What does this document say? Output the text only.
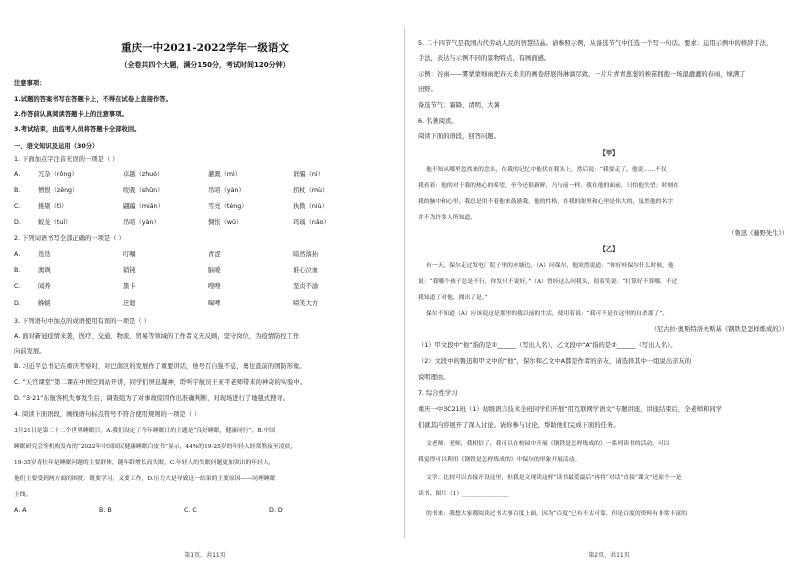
重庆一中2021-2022学年一级语文
（全卷共四个大题，满分150分，考试时间120分钟）
注意事项：
1.试题的答案书写在答题卡上，不得在试卷上直接作答。
2.作答前认真阅读答题卡上的注意事项。
3.考试结束，由监考人员将答题卡全部收回。
一、语文知识及运用（30分）
1. 下面加点字注音无误的一项是（ ）
A.	冗杂（rǒng）	卓越（zhuó）	灌溉（mì）	诓骗（nì）
B.	憎恨（zēng）	吮吸（shǔn）	吊唁（yàn）	拐杖（mù）
C.	挑剔（tì）	翩蹁（mián）	雪亮（téng）	执拗（niù）
D.	蛟龙（tuí）	吊唁（yàn）	惆怅（wǔ）	玛瑙（nǎo）
2. 下列词语书写全部正确的一项是（ ）
A.	迭迭	叮嘱	青涩	暗然落拓
B.	澳飒	销钝	脑暖	谁心泣血
C.	闻养	黑卡	嗖嗖	坚贞不渝
D.	蜂螃	迂迴	嗥啤	啼笑大方
3. 下列语句中加点的成语使用有误的一项是（ ）
A. 面对新冠疫情来袭，医疗、交通、物流、贸易等领域的工作者义无反顾，坚守岗位，为疫情防控工作
向前发展。
B. 习近平总书记在重庆考察时，对巴南区的发展作了重要讲话，他号召自强不息，勇往直前的国防形象。
C. “天宫课堂”第二课在中国空间站开讲，同学们屏息凝神，聆听宇航员王亚平老师带来的神奇的实验中。
D. “3·21”东航客机失事发生后，调查组为了对事故原因作出准确判断，对现场进行了地毯式搜寻。
4. 阅读下面语段，画线语句标点符号不符合使用规则的一项是（ ）
3月21日是第二十二个世界睡眠日，A.我们设定了今年睡眠日的主题是“良好睡眠，健康同行”。B.中国
睡眠研究会等机构发布的“2022年中国国民健康睡眠白皮书”显示，44%的19-25岁的年轻人经常熬夜至凌晨，
19-35岁青壮年是睡眠问题的主要群体，随年龄增长而失眠，C.年轻人的失眠问题更加突出的年轻人，
他们主要受到两方面的困扰：既要学习，又要工作，D.压力大是导致这一结果的主要原因——同理睡眠
主线。
A. A	B. B	C. C	D. D
第1页，共11页
5. 二十四节气是我国古代劳动人民的智慧结晶。请参照示例，从备选节气中任选一个写一句话。要求：运用示例中的修辞手法，
手法，表达与示例不同的景物特点，有画面感。
示例：谷雨——雾蒙蒙细雨把春天柔美的画卷舒展得淋漓尽致，一片片青青葱葱的秧苗拥抱一场湿漉漉的春雨，绿满了
田野。
备选节气：霜降、清明、大暑
6. 名著阅读。
阅读下面的语段，回答问题。
【甲】
他不知从哪里忽然来的念头，在我的记忆中他伏在我头上，然后说：“我要走了。他说……不仅
我看着：他的对于我的热心的希望，至今还很新鲜，乃与前一样。我在他的面前，只怕他失望；时刻在
我的脑中和心里。我总是用不着他来鼓励我，他的性格，在我的眼里和心里是伟大的，虽然他的名字
并不为许多人所知道。
（鲁迅《藤野先生》）
【乙】
有一天，保尔走过发电厂院子里的水塘边。（A）问保尔，他突然说道：“你好哇保尔什么时候，他
说：“我哪个孩子总是不行，你发只不说好。”（A）曾经这么问我头，很着笑说：“打算好不算哪，不过
我知道了对他，拥出了是。”
保尔不知道（A）应该说这是那里的我以前的生活，使用着说：“我可不是在这里的自杀那了”。
（尼古拉·奥斯特洛夫斯基《钢铁是怎样炼成的》）
（1）甲文段中“他”指的是①______（写出人名），乙文段中“A”指的是②______（写出人名）。
（2）文段中的鲁迅和甲文中的“他”，保尔和乙文中A都是作者的亲友，请选择其中一组说出亲友的
说明理由。
7. 综合性学习
重庆一中3C21班（1）初级语言技术全班同学们开展“用互联网学语文”专题讲座，讲座结束后，全老师和同学
们就其内容展开了深入讨论。请你参与讨论，帮助他们完成下面的任务。
文老师：老师，我相信了，我可以在校园中开展《钢铁是怎样炼成的》一系列读书的活动，可以
我觉得可以利用《钢铁是怎样炼成的》中保尔的形象开展活动。
文学：比较可以直接开设这里，但我是文现读这样“读书最爱最后”再将“对话”直接“课文”还原个一是
读书。图片（1）________________
的书来：我想大家都阅读过书大事百度上面，因为“百度”已有不太可靠，但是百度的资料有非常丰富的
第2页，共11页
